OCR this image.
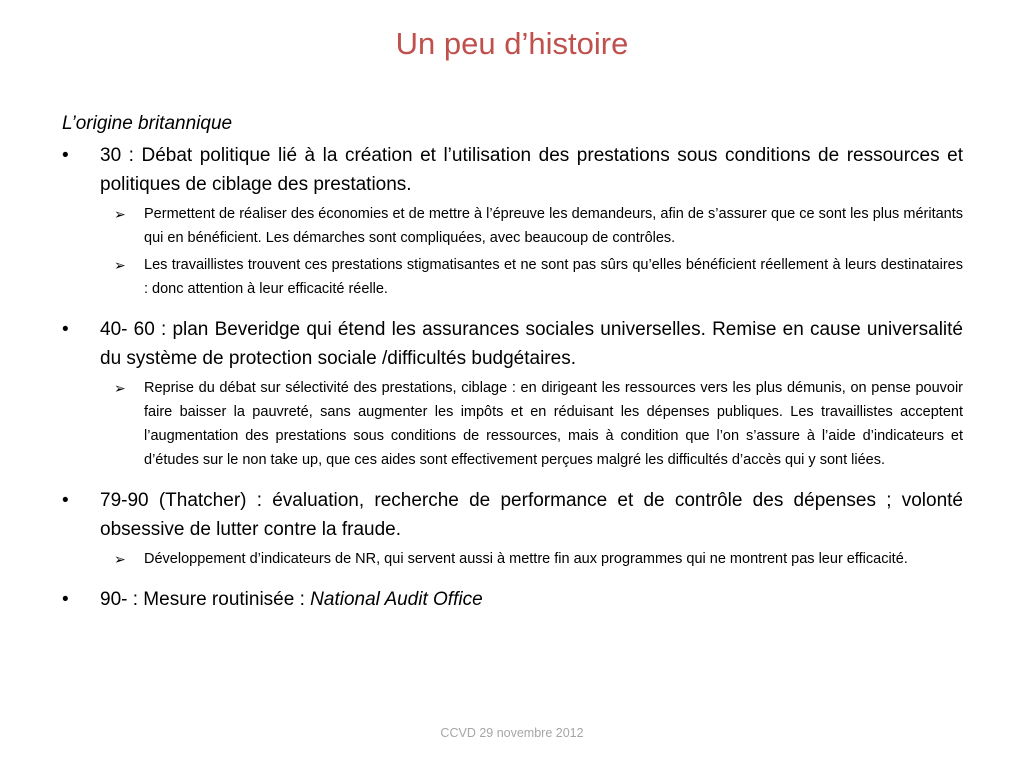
Un peu d’histoire
L’origine britannique
•	30 : Débat politique lié à la création et l’utilisation des prestations sous conditions de ressources et politiques de ciblage des prestations.
➢ Permettent de réaliser des économies et de mettre à l’épreuve les demandeurs, afin de s’assurer que ce sont les plus méritants qui en bénéficient. Les démarches sont compliquées, avec beaucoup de contrôles.
➢ Les travaillistes trouvent ces prestations stigmatisantes et ne sont pas sûrs qu’elles bénéficient réellement à leurs destinataires : donc attention à leur efficacité réelle.
•	40- 60 : plan Beveridge qui étend les assurances sociales universelles. Remise en cause universalité du système de protection sociale /difficultés budgétaires.
➢ Reprise du débat sur sélectivité des prestations, ciblage : en dirigeant les ressources vers les plus démunis, on pense pouvoir faire baisser la pauvreté, sans augmenter les impôts et en réduisant les dépenses publiques. Les travaillistes acceptent l’augmentation des prestations sous conditions de ressources, mais à condition que l’on s’assure à l’aide d’indicateurs et d’études sur le non take up, que ces aides sont effectivement perçues malgré les difficultés d’accès qui y sont liées.
•	79-90 (Thatcher) : évaluation, recherche de performance et de contrôle des dépenses ; volonté obsessive de lutter contre la fraude.
➢ Développement d’indicateurs de NR, qui servent aussi à mettre fin aux programmes qui ne montrent pas leur efficacité.
•	90- : Mesure routinisée : National Audit Office
CCVD 29 novembre 2012
